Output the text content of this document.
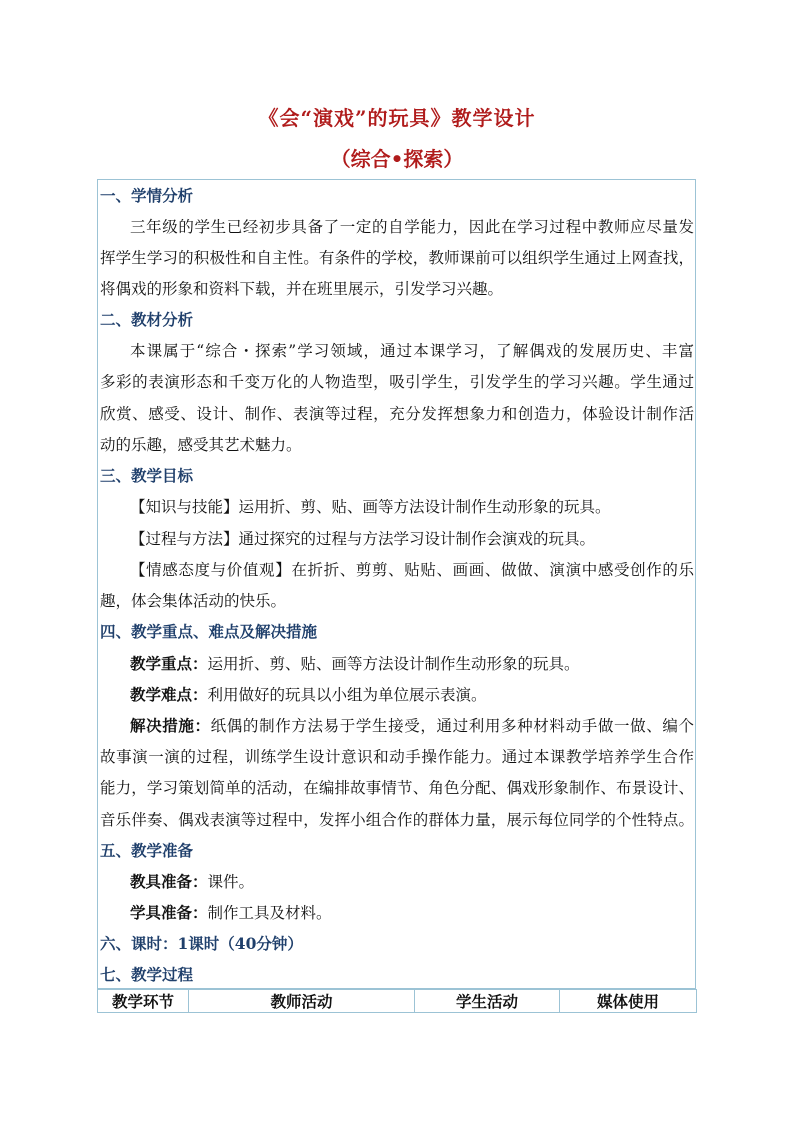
《会“演戏”的玩具》教学设计
（综合•探索）
一、学情分析
三年级的学生已经初步具备了一定的自学能力，因此在学习过程中教师应尽量发
挥学生学习的积极性和自主性。有条件的学校，教师课前可以组织学生通过上网查找，
将偶戏的形象和资料下载，并在班里展示，引发学习兴趣。
二、教材分析
本课属于“综合・探索”学习领域，通过本课学习，了解偶戏的发展历史、丰富
多彩的表演形态和千变万化的人物造型，吸引学生，引发学生的学习兴趣。学生通过
欣赏、感受、设计、制作、表演等过程，充分发挥想象力和创造力，体验设计制作活
动的乐趣，感受其艺术魅力。
三、教学目标
【知识与技能】运用折、剪、贴、画等方法设计制作生动形象的玩具。
【过程与方法】通过探究的过程与方法学习设计制作会演戏的玩具。
【情感态度与价值观】在折折、剪剪、贴贴、画画、做做、演演中感受创作的乐
趣，体会集体活动的快乐。
四、教学重点、难点及解决措施
教学重点：运用折、剪、贴、画等方法设计制作生动形象的玩具。
教学难点：利用做好的玩具以小组为单位展示表演。
解决措施：纸偶的制作方法易于学生接受，通过利用多种材料动手做一做、编个
故事演一演的过程，训练学生设计意识和动手操作能力。通过本课教学培养学生合作
能力，学习策划简单的活动，在编排故事情节、角色分配、偶戏形象制作、布景设计、
音乐伴奏、偶戏表演等过程中，发挥小组合作的群体力量，展示每位同学的个性特点。
五、教学准备
教具准备：课件。
学具准备：制作工具及材料。
六、课时：1课时（40分钟）
七、教学过程
教学环节	教师活动	学生活动	媒体使用
